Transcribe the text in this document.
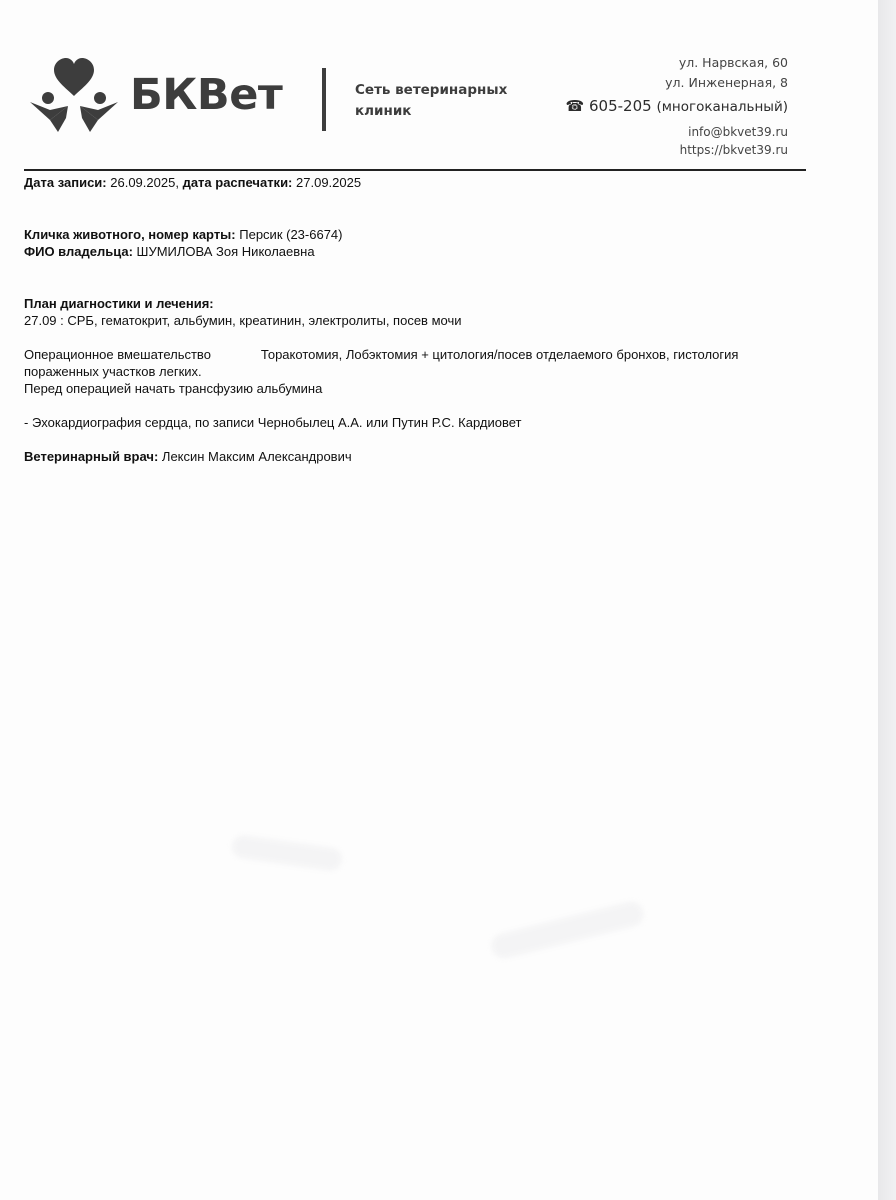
БКВет	Сеть ветеринарных клиник
ул. Нарвская, 60
ул. Инженерная, 8
☎ 605-205 (многоканальный)
info@bkvet39.ru
https://bkvet39.ru
Дата записи: 26.09.2025, дата распечатки: 27.09.2025
Кличка животного, номер карты: Персик (23-6674)
ФИО владельца: ШУМИЛОВА Зоя Николаевна
План диагностики и лечения:
27.09 : СРБ, гематокрит, альбумин, креатинин, электролиты, посев мочи
Операционное вмешательство	Торакотомия, Лобэктомия + цитология/посев отделаемого бронхов, гистология пораженных участков легких.
Перед операцией начать трансфузию альбумина
- Эхокардиография сердца, по записи Чернобылец А.А. или Путин Р.С. Кардиовет
Ветеринарный врач: Лексин Максим Александрович
